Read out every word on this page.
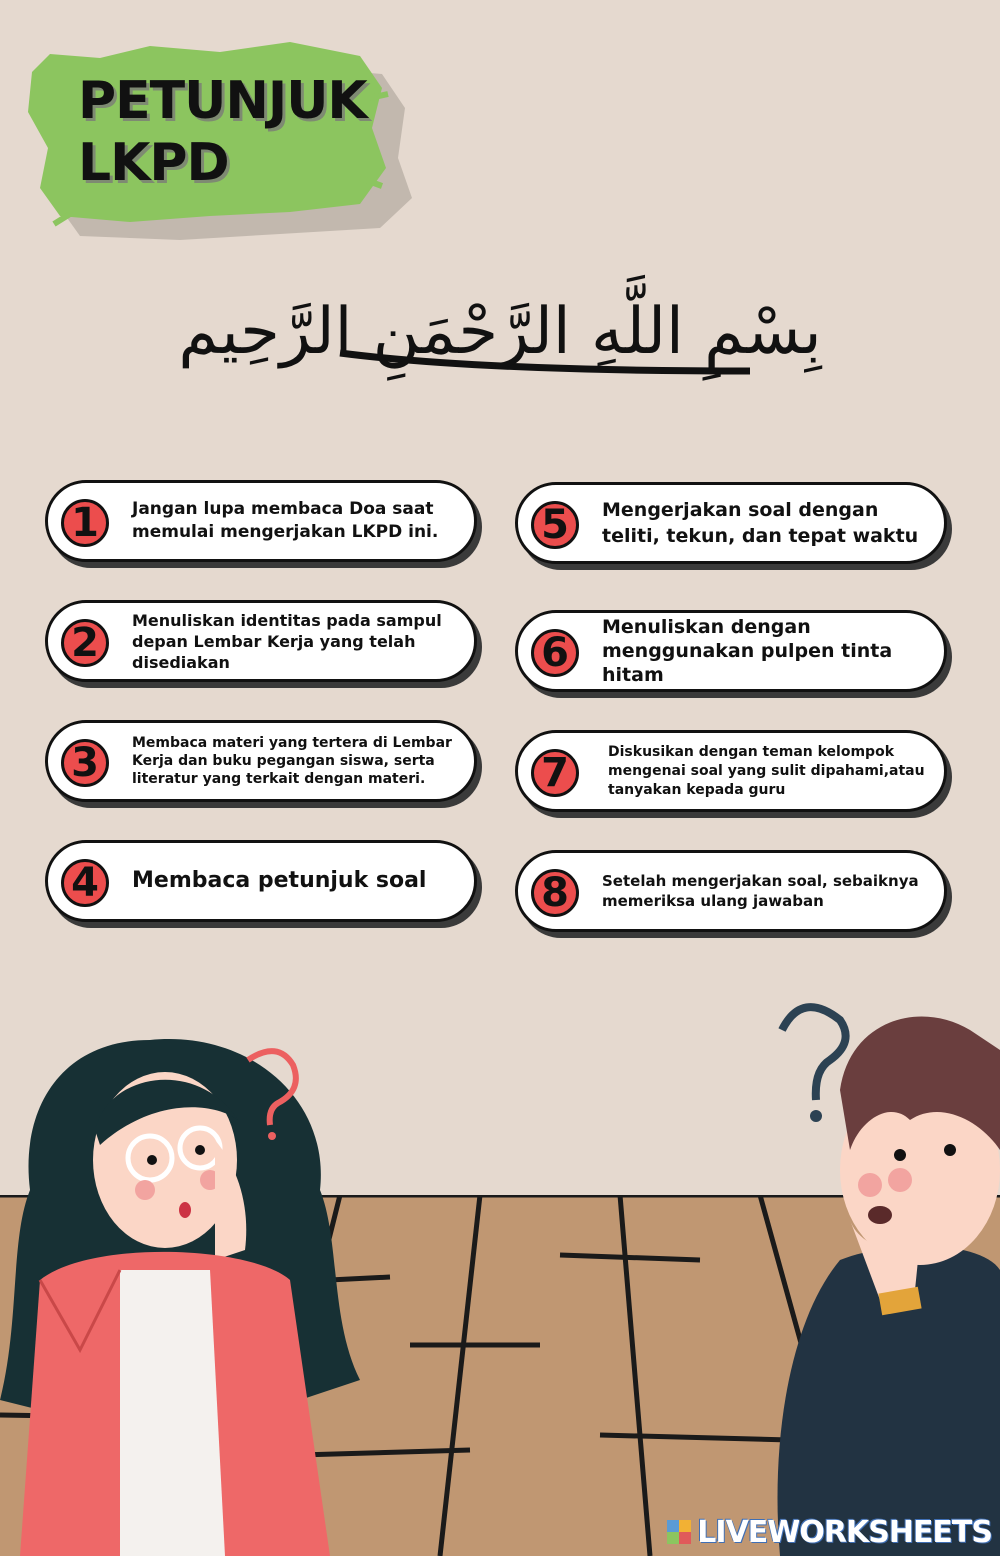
PETUNJUK
LKPD
بِسْمِ اللَّهِ الرَّحْمَنِ الرَّحِيم
1	Jangan lupa membaca Doa saat memulai mengerjakan LKPD ini.
2	Menuliskan identitas pada sampul depan Lembar Kerja yang telah disediakan
3	Membaca materi yang tertera di Lembar Kerja dan buku pegangan siswa, serta literatur yang terkait dengan materi.
4	Membaca petunjuk soal
5	Mengerjakan soal dengan teliti, tekun, dan tepat waktu
6
Menuliskan dengan menggunakan pulpen tinta hitam
7	Diskusikan dengan teman kelompok mengenai soal yang sulit dipahami,atau tanyakan kepada guru
8	Setelah mengerjakan soal, sebaiknya memeriksa ulang jawaban
LIVEWORKSHEETS
